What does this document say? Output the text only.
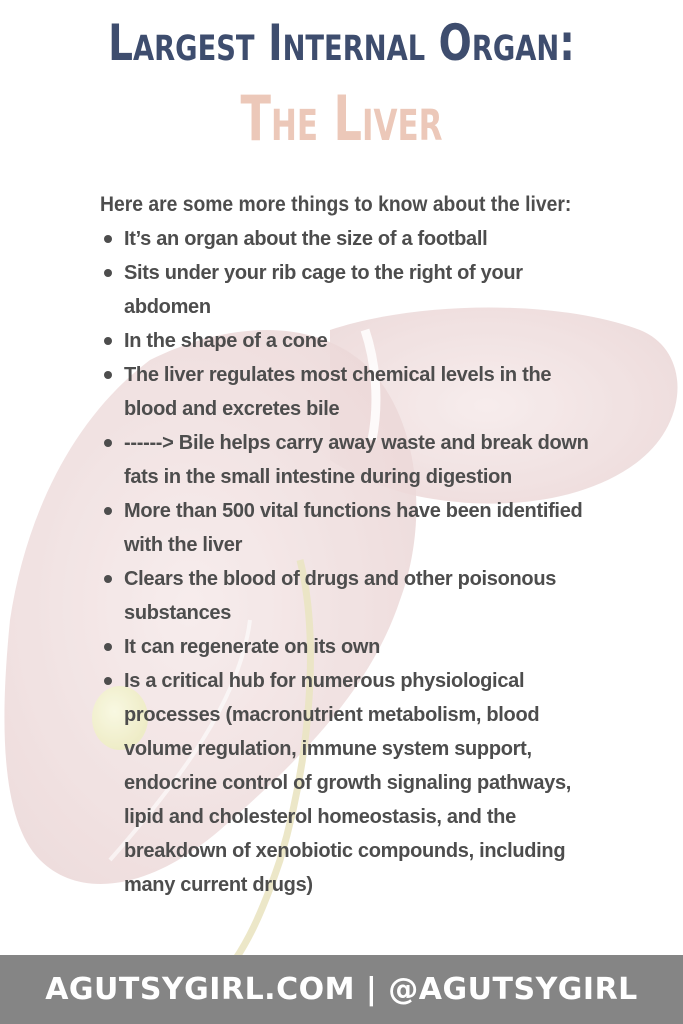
Largest Internal Organ:
The Liver
Here are some more things to know about the liver:
It’s an organ about the size of a football
Sits under your rib cage to the right of your abdomen
In the shape of a cone
The liver regulates most chemical levels in the blood and excretes bile
------> Bile helps carry away waste and break down fats in the small intestine during digestion
More than 500 vital functions have been identified with the liver
Clears the blood of drugs and other poisonous substances
It can regenerate on its own
Is a critical hub for numerous physiological processes (macronutrient metabolism, blood volume regulation, immune system support, endocrine control of growth signaling pathways, lipid and cholesterol homeostasis, and the breakdown of xenobiotic compounds, including many current drugs)
AGUTSYGIRL.COM | @AGUTSYGIRL
